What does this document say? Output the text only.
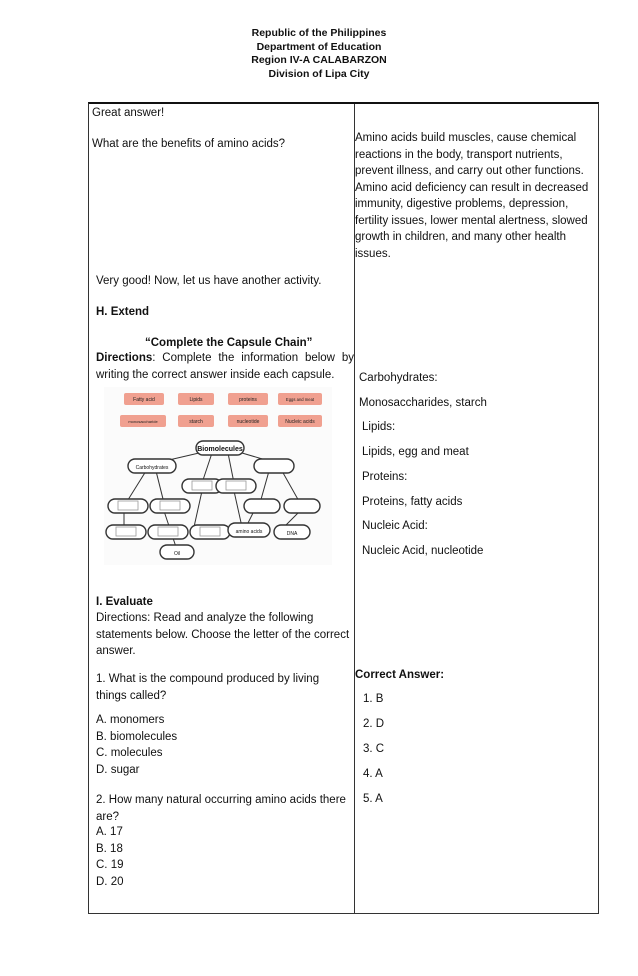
Republic of the Philippines
Department of Education
Region IV-A CALABARZON
Division of Lipa City
Great answer!
What are the benefits of amino acids?
Very good! Now, let us have another activity.
H. Extend
“Complete the Capsule Chain”
Directions: Complete the information below by writing the correct answer inside each capsule.
Fatty acid	Lipids	proteins	Eggs and meat
monosaccharide	starch	nucleotide	Nucleic acids
Biomolecules
Carbohydrates
amino acids	DNA
Oil
I. Evaluate
Directions: Read and analyze the following statements below. Choose the letter of the correct answer.
1. What is the compound produced by living things called?
A. monomers
B. biomolecules
C. molecules
D. sugar
2. How many natural occurring amino acids there are?
A. 17
B. 18
C. 19
D. 20
Amino acids build muscles, cause chemical reactions in the body, transport nutrients, prevent illness, and carry out other functions. Amino acid deficiency can result in decreased immunity, digestive problems, depression, fertility issues, lower mental alertness, slowed growth in children, and many other health issues.
Carbohydrates:
Monosaccharides, starch
Lipids:
Lipids, egg and meat
Proteins:
Proteins, fatty acids
Nucleic Acid:
Nucleic Acid, nucleotide
Correct Answer:
1. B
2. D
3. C
4. A
5. A
